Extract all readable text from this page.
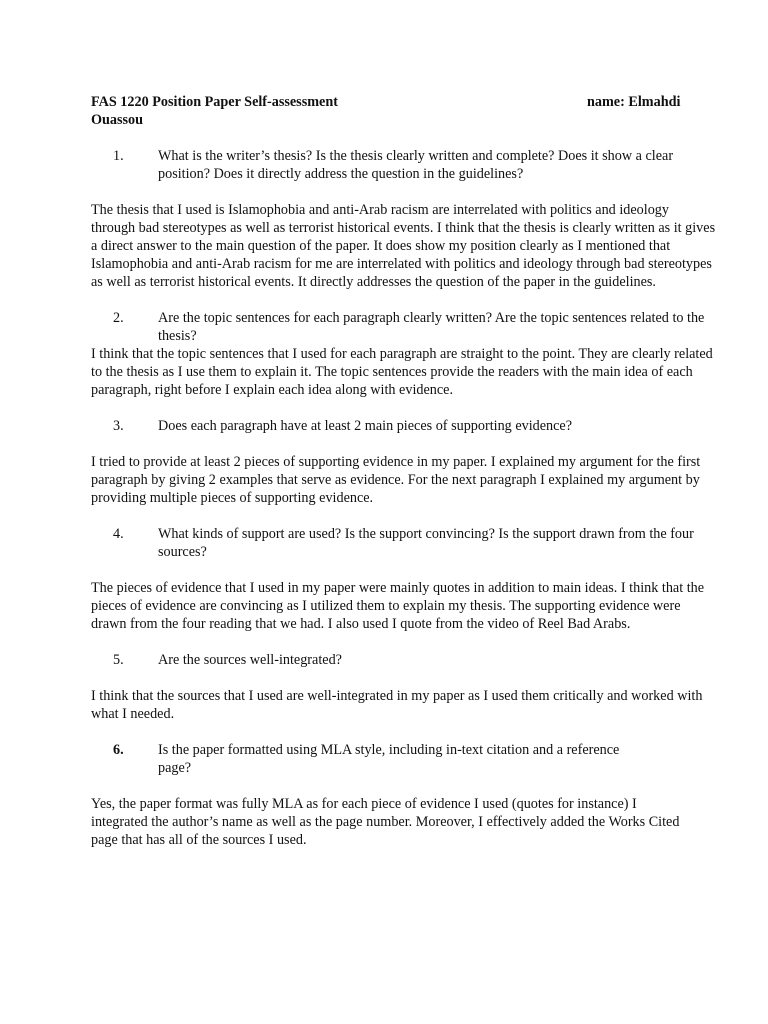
FAS 1220 Position Paper Self-assessment	name: Elmahdi
Ouassou
1. What is the writer’s thesis? Is the thesis clearly written and complete? Does it show a clear position? Does it directly address the question in the guidelines?

The thesis that I used is Islamophobia and anti-Arab racism are interrelated with politics and ideology through bad stereotypes as well as terrorist historical events. I think that the thesis is clearly written as it gives a direct answer to the main question of the paper. It does show my position clearly as I mentioned that Islamophobia and anti-Arab racism for me are interrelated with politics and ideology through bad stereotypes as well as terrorist historical events. It directly addresses the question of the paper in the guidelines.

2. Are the topic sentences for each paragraph clearly written? Are the topic sentences related to the thesis?

I think that the topic sentences that I used for each paragraph are straight to the point. They are clearly related to the thesis as I use them to explain it. The topic sentences provide the readers with the main idea of each paragraph, right before I explain each idea along with evidence.

3. Does each paragraph have at least 2 main pieces of supporting evidence?

I tried to provide at least 2 pieces of supporting evidence in my paper. I explained my argument for the first paragraph by giving 2 examples that serve as evidence. For the next paragraph I explained my argument by providing multiple pieces of supporting evidence.

4. What kinds of support are used? Is the support convincing? Is the support drawn from the four sources?

The pieces of evidence that I used in my paper were mainly quotes in addition to main ideas. I think that the pieces of evidence are convincing as I utilized them to explain my thesis. The supporting evidence were drawn from the four reading that we had. I also used I quote from the video of Reel Bad Arabs.

5. Are the sources well-integrated?

I think that the sources that I used are well-integrated in my paper as I used them critically and worked with what I needed.

6. Is the paper formatted using MLA style, including in-text citation and a reference page?

Yes, the paper format was fully MLA as for each piece of evidence I used (quotes for instance) I integrated the author’s name as well as the page number. Moreover, I effectively added the Works Cited page that has all of the sources I used.
